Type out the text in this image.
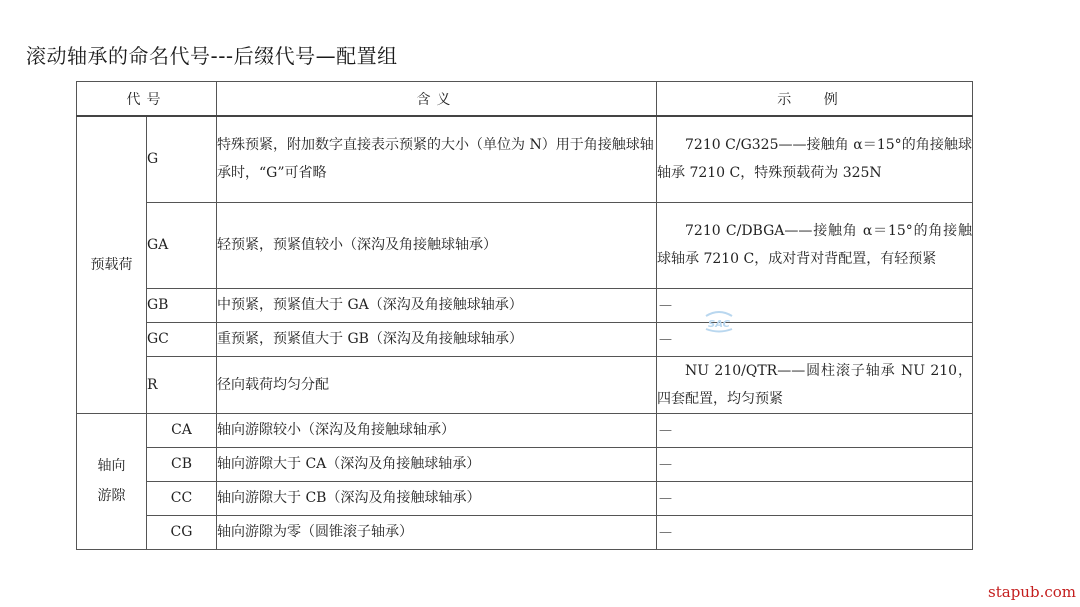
滚动轴承的命名代号---后缀代号—配置组
代号		含义	示 例
预载荷	G	特殊预紧，附加数字直接表示预紧的大小（单位为 N）用于角接触球轴承时，“G”可省略	7210 C/G325——接触角 α＝15°的角接触球轴承 7210 C，特殊预载荷为 325N

	GA	轻预紧，预紧值较小（深沟及角接触球轴承）	7210 C/DBGA——接触角 α＝15°的角接触球轴承 7210 C，成对背对背配置，有轻预紧

	GB	中预紧，预紧值大于 GA（深沟及角接触球轴承）	—
	GC	重预紧，预紧值大于 GB（深沟及角接触球轴承）	—
	R	径向载荷均匀分配	NU 210/QTR——圆柱滚子轴承 NU 210，四套配置，均匀预紧

轴向
游隙	CA	轴向游隙较小（深沟及角接触球轴承）	—
	CB	轴向游隙大于 CA（深沟及角接触球轴承）	—
	CC	轴向游隙大于 CB（深沟及角接触球轴承）	—
	CG	轴向游隙为零（圆锥滚子轴承）	—
SAC
stapub.com
